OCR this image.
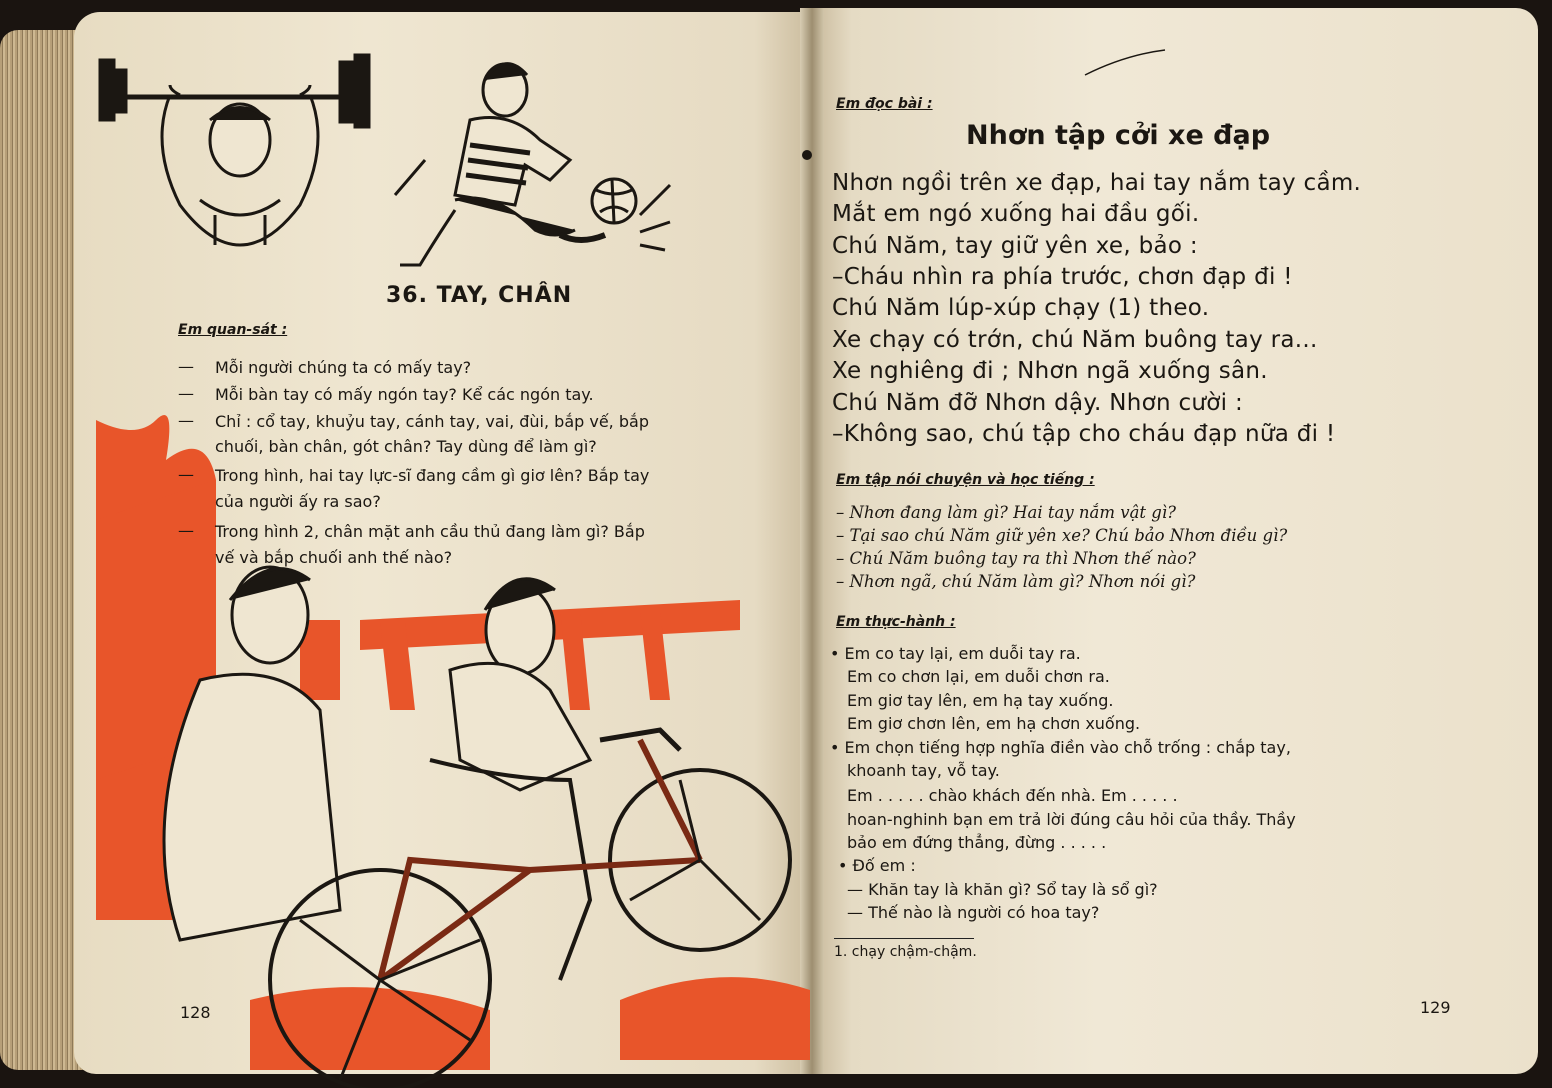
36. TAY, CHÂN
Em quan-sát :
— Mỗi người chúng ta có mấy tay?
— Mỗi bàn tay có mấy ngón tay? Kể các ngón tay.
— Chỉ : cổ tay, khuỷu tay, cánh tay, vai, đùi, bắp vế, bắp
chuối, bàn chân, gót chân? Tay dùng để làm gì?
— Trong hình, hai tay lực-sĩ đang cầm gì giơ lên? Bắp tay
của người ấy ra sao?
— Trong hình 2, chân mặt anh cầu thủ đang làm gì? Bắp
vế và bắp chuối anh thế nào?
128
Em đọc bài :
Nhơn tập cởi xe đạp
Nhơn ngồi trên xe đạp, hai tay nắm tay cầm.
Mắt em ngó xuống hai đầu gối.
Chú Năm, tay giữ yên xe, bảo :
–Cháu nhìn ra phía trước, chơn đạp đi !
Chú Năm lúp-xúp chạy (1) theo.
Xe chạy có trớn, chú Năm buông tay ra...
Xe nghiêng đi ; Nhơn ngã xuống sân.
Chú Năm đỡ Nhơn dậy. Nhơn cười :
–Không sao, chú tập cho cháu đạp nữa đi !
Em tập nói chuyện và học tiếng :
– Nhơn đang làm gì? Hai tay nắm vật gì?
– Tại sao chú Năm giữ yên xe? Chú bảo Nhơn điều gì?
– Chú Năm buông tay ra thì Nhơn thế nào?
– Nhơn ngã, chú Năm làm gì? Nhơn nói gì?
Em thực-hành :
• Em co tay lại, em duỗi tay ra.
Em co chơn lại, em duỗi chơn ra.
Em giơ tay lên, em hạ tay xuống.
Em giơ chơn lên, em hạ chơn xuống.
• Em chọn tiếng hợp nghĩa điền vào chỗ trống : chắp tay,
khoanh tay, vỗ tay.
Em . . . . . chào khách đến nhà. Em . . . . .
hoan-nghinh bạn em trả lời đúng câu hỏi của thầy. Thầy
bảo em đứng thẳng, đừng . . . . .
• Đố em :
— Khăn tay là khăn gì? Sổ tay là sổ gì?
— Thế nào là người có hoa tay?
1. chạy chậm-chậm.
129
